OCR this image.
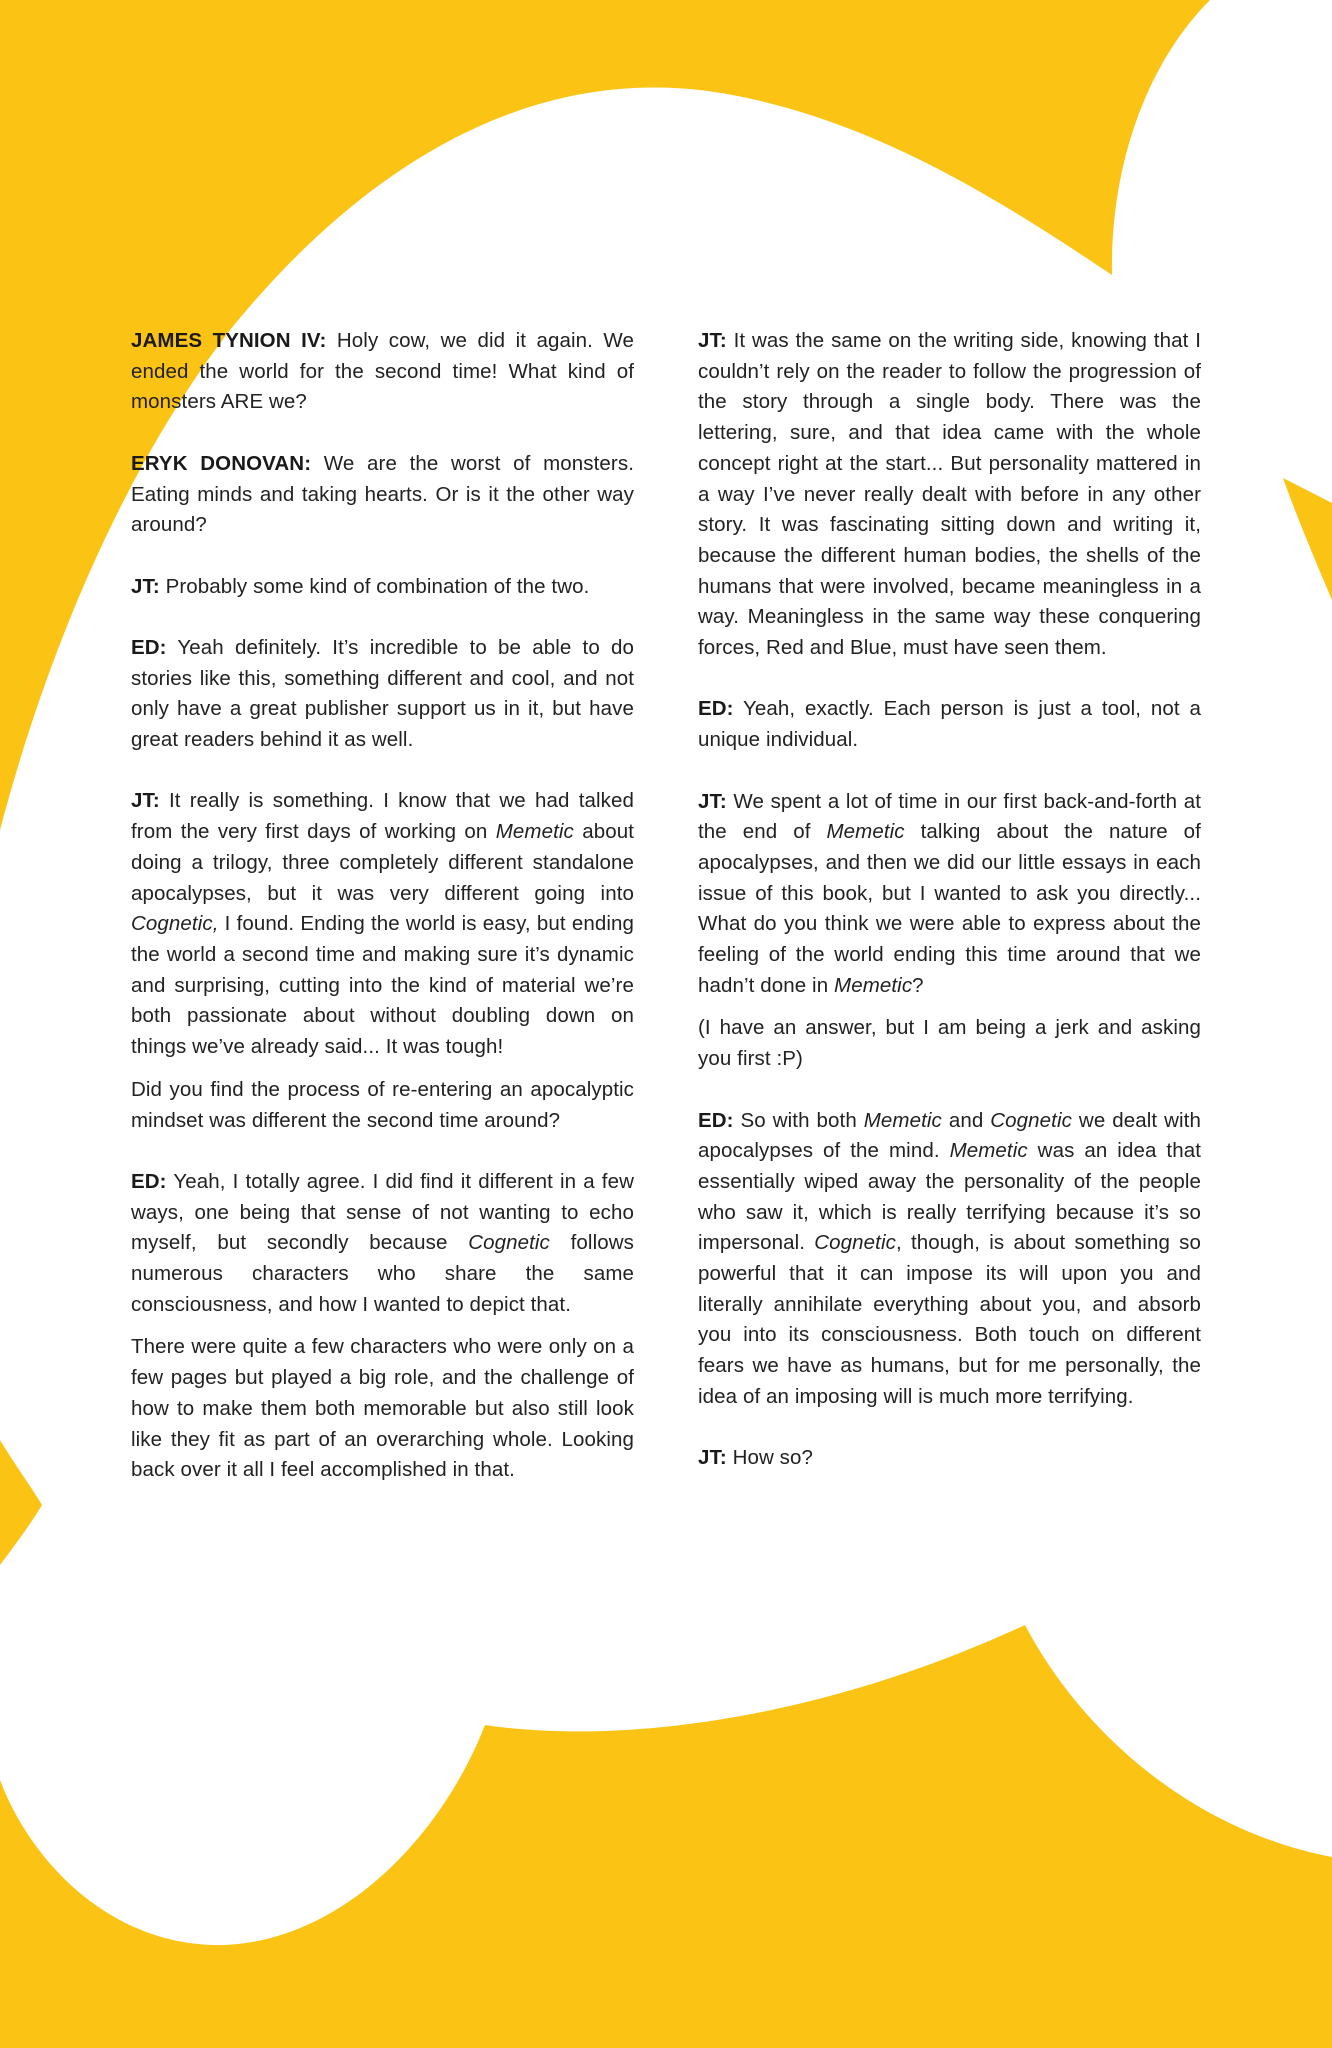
JAMES TYNION IV: Holy cow, we did it again. We ended the world for the second time! What kind of monsters ARE we?

ERYK DONOVAN: We are the worst of monsters. Eating minds and taking hearts. Or is it the other way around?

JT: Probably some kind of combination of the two.

ED: Yeah definitely. It’s incredible to be able to do stories like this, something different and cool, and not only have a great publisher support us in it, but have great readers behind it as well.

JT: It really is something. I know that we had talked from the very first days of working on Memetic about doing a trilogy, three completely different standalone apocalypses, but it was very different going into Cognetic, I found. Ending the world is easy, but ending the world a second time and making sure it’s dynamic and surprising, cutting into the kind of material we’re both passionate about without doubling down on things we’ve already said... It was tough!

Did you find the process of re-entering an apocalyptic mindset was different the second time around?

ED: Yeah, I totally agree. I did find it different in a few ways, one being that sense of not wanting to echo myself, but secondly because Cognetic follows numerous characters who share the same consciousness, and how I wanted to depict that.

There were quite a few characters who were only on a few pages but played a big role, and the challenge of how to make them both memorable but also still look like they fit as part of an overarching whole. Looking back over it all I feel accomplished in that.

JT: It was the same on the writing side, knowing that I couldn’t rely on the reader to follow the progression of the story through a single body. There was the lettering, sure, and that idea came with the whole concept right at the start... But personality mattered in a way I’ve never really dealt with before in any other story. It was fascinating sitting down and writing it, because the different human bodies, the shells of the humans that were involved, became meaningless in a way. Meaningless in the same way these conquering forces, Red and Blue, must have seen them.

ED: Yeah, exactly. Each person is just a tool, not a unique individual.

JT: We spent a lot of time in our first back-and-forth at the end of Memetic talking about the nature of apocalypses, and then we did our little essays in each issue of this book, but I wanted to ask you directly... What do you think we were able to express about the feeling of the world ending this time around that we hadn’t done in Memetic?

(I have an answer, but I am being a jerk and asking you first :P)

ED: So with both Memetic and Cognetic we dealt with apocalypses of the mind. Memetic was an idea that essentially wiped away the personality of the people who saw it, which is really terrifying because it’s so impersonal. Cognetic, though, is about something so powerful that it can impose its will upon you and literally annihilate everything about you, and absorb you into its consciousness. Both touch on different fears we have as humans, but for me personally, the idea of an imposing will is much more terrifying.

JT: How so?
